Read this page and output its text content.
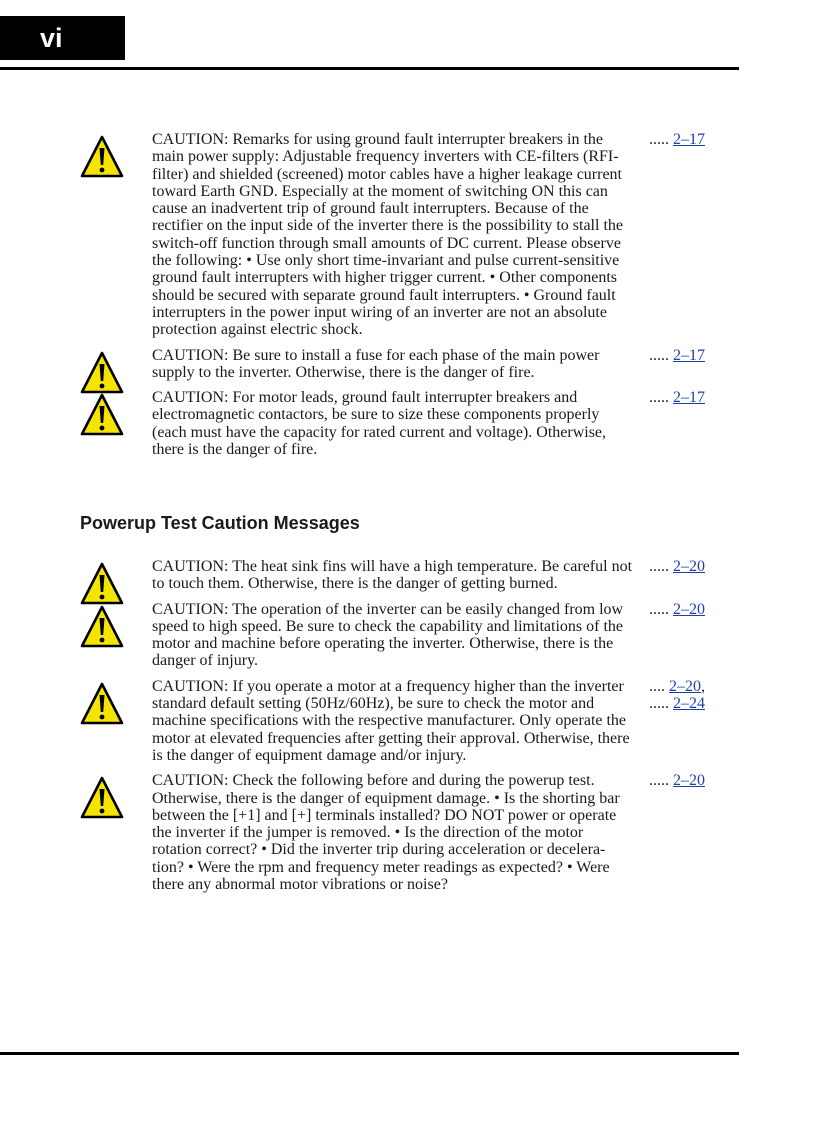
vi
CAUTION: Remarks for using ground fault interrupter breakers in the main power supply: Adjustable frequency inverters with CE-filters (RFI-filter) and shielded (screened) motor cables have a higher leakage current toward Earth GND. Especially at the moment of switching ON this can cause an inadvertent trip of ground fault interrupters. Because of the rectifier on the input side of the inverter there is the possibility to stall the switch-off function through small amounts of DC current. Please observe the following: • Use only short time-invariant and pulse current-sensitive ground fault interrupters with higher trigger current. • Other components should be secured with separate ground fault interrupters. • Ground fault interrupters in the power input wiring of an inverter are not an absolute protection against electric shock.
..... 2–17
CAUTION: Be sure to install a fuse for each phase of the main power supply to the inverter. Otherwise, there is the danger of fire.
..... 2–17
CAUTION: For motor leads, ground fault interrupter breakers and electromagnetic contactors, be sure to size these components properly (each must have the capacity for rated current and voltage). Otherwise, there is the danger of fire.
..... 2–17
Powerup Test Caution Messages
CAUTION: The heat sink fins will have a high temperature. Be careful not to touch them. Otherwise, there is the danger of getting burned.
..... 2–20
CAUTION: The operation of the inverter can be easily changed from low speed to high speed. Be sure to check the capability and limitations of the motor and machine before operating the inverter. Otherwise, there is the danger of injury.
..... 2–20
CAUTION: If you operate a motor at a frequency higher than the inverter standard default setting (50Hz/60Hz), be sure to check the motor and machine specifications with the respective manufacturer. Only operate the motor at elevated frequencies after getting their approval. Otherwise, there is the danger of equipment damage and/or injury.
.... 2–20,
..... 2–24
CAUTION: Check the following before and during the powerup test. Otherwise, there is the danger of equipment damage. • Is the shorting bar between the [+1] and [+] terminals installed? DO NOT power or operate the inverter if the jumper is removed. • Is the direction of the motor rotation correct? • Did the inverter trip during acceleration or decelera-tion? • Were the rpm and frequency meter readings as expected? • Were there any abnormal motor vibrations or noise?
..... 2–20
